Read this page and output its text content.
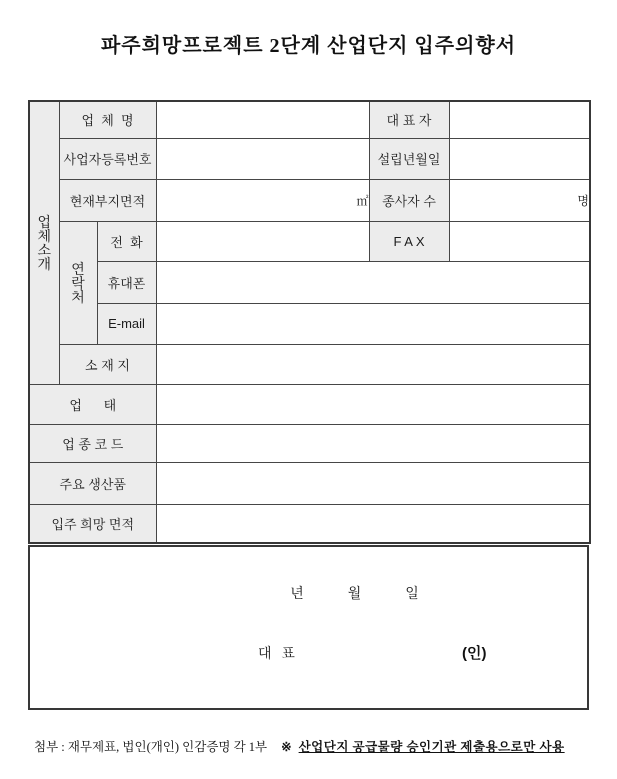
파주희망프로젝트 2단계 산업단지 입주의향서
업
체
소
개	업  체  명			대 표 자	
	사업자등록번호			설립년월일	
	현재부지면적		㎡	종사자 수	명

	연
락
처	전  화		F A X	
		휴대폰			
		E-mail			
	소 재 지				
업      태					
업 종 코 드					
주요 생산품					
입주 희망 면적					
년	월	일
대 표	(인)
첨부 : 재무제표, 법인(개인) 인감증명 각 1부 ※ 산업단지 공급물량 승인기관 제출용으로만 사용
